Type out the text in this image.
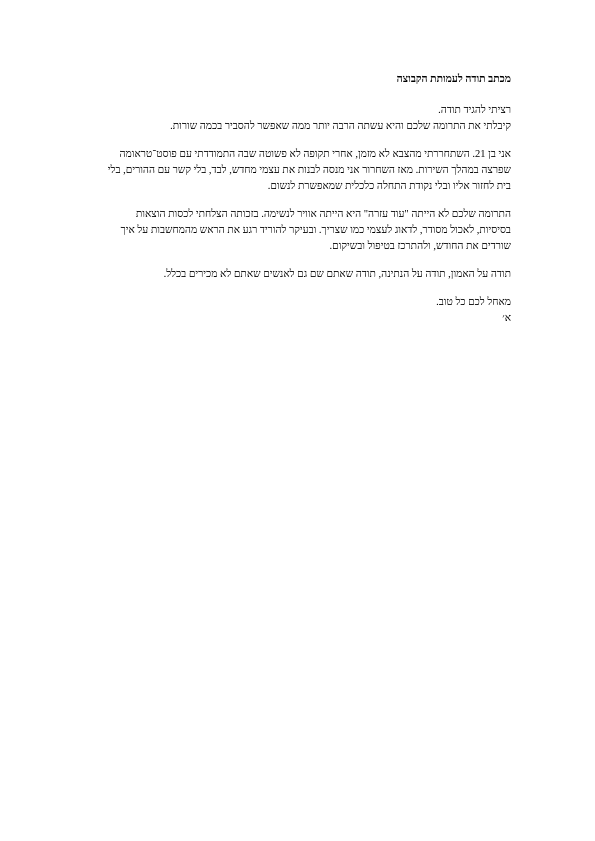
מכתב תודה לעמותת הקבוצה
רציתי להגיד תודה.
קיבלתי את התרומה שלכם והיא עשתה הרבה יותר ממה שאפשר להסביר בכמה שורות.
אני בן 21. השתחררתי מהצבא לא מזמן, אחרי תקופה לא פשוטה שבה התמודדתי עם פוסט־טראומה
שפרצה במהלך השירות. מאז השחרור אני מנסה לבנות את עצמי מחדש, לבד, בלי קשר עם ההורים, בלי
בית לחזור אליו ובלי נקודת התחלה כלכלית שמאפשרת לנשום.
התרומה שלכם לא הייתה "עוד עזרה" היא הייתה אוויר לנשימה. בזכותה הצלחתי לכסות הוצאות
בסיסיות, לאכול מסודר, לדאוג לעצמי כמו שצריך. ובעיקר להוריד רגע את הראש מהמחשבות על איך
שורדים את החודש, ולהתרכז בטיפול ובשיקום.
תודה על האמון, תודה על הנתינה, תודה שאתם שם גם לאנשים שאתם לא מכירים בכלל.
מאחל לכם כל טוב.
א׳
